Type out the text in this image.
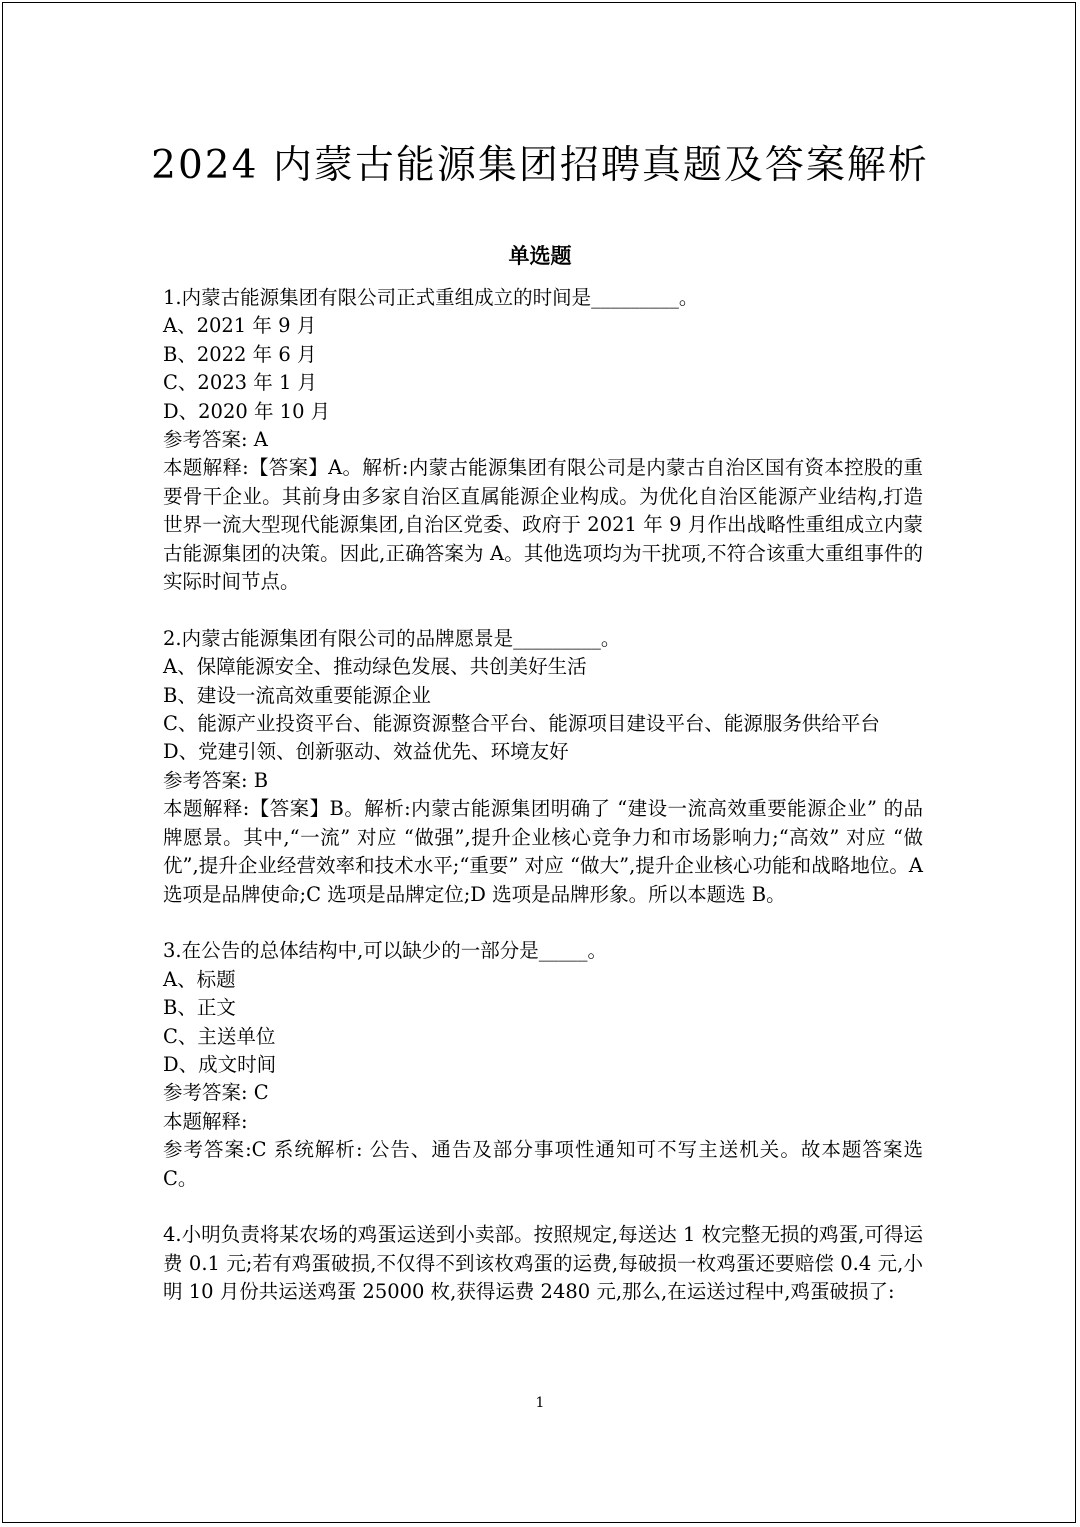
2024 内蒙古能源集团招聘真题及答案解析
单选题
1.内蒙古能源集团有限公司正式重组成立的时间是_________。
A、2021 年 9 月
B、2022 年 6 月
C、2023 年 1 月
D、2020 年 10 月
参考答案: A
本题解释:【答案】A。解析:内蒙古能源集团有限公司是内蒙古自治区国有资本控股的重要骨干企业。其前身由多家自治区直属能源企业构成。为优化自治区能源产业结构,打造世界一流大型现代能源集团,自治区党委、政府于 2021 年 9 月作出战略性重组成立内蒙古能源集团的决策。因此,正确答案为 A。其他选项均为干扰项,不符合该重大重组事件的实际时间节点。
2.内蒙古能源集团有限公司的品牌愿景是_________。
A、保障能源安全、推动绿色发展、共创美好生活
B、建设一流高效重要能源企业
C、能源产业投资平台、能源资源整合平台、能源项目建设平台、能源服务供给平台
D、党建引领、创新驱动、效益优先、环境友好
参考答案: B
本题解释:【答案】B。解析:内蒙古能源集团明确了 “建设一流高效重要能源企业” 的品牌愿景。其中,“一流” 对应 “做强”,提升企业核心竞争力和市场影响力;“高效” 对应 “做优”,提升企业经营效率和技术水平;“重要” 对应 “做大”,提升企业核心功能和战略地位。A 选项是品牌使命;C 选项是品牌定位;D 选项是品牌形象。所以本题选 B。
3.在公告的总体结构中,可以缺少的一部分是_____。
A、标题
B、正文
C、主送单位
D、成文时间
参考答案: C
本题解释:
参考答案:C 系统解析: 公告、通告及部分事项性通知可不写主送机关。故本题答案选 C。
4.小明负责将某农场的鸡蛋运送到小卖部。按照规定,每送达 1 枚完整无损的鸡蛋,可得运费 0.1 元;若有鸡蛋破损,不仅得不到该枚鸡蛋的运费,每破损一枚鸡蛋还要赔偿 0.4 元,小明 10 月份共运送鸡蛋 25000 枚,获得运费 2480 元,那么,在运送过程中,鸡蛋破损了:
1
